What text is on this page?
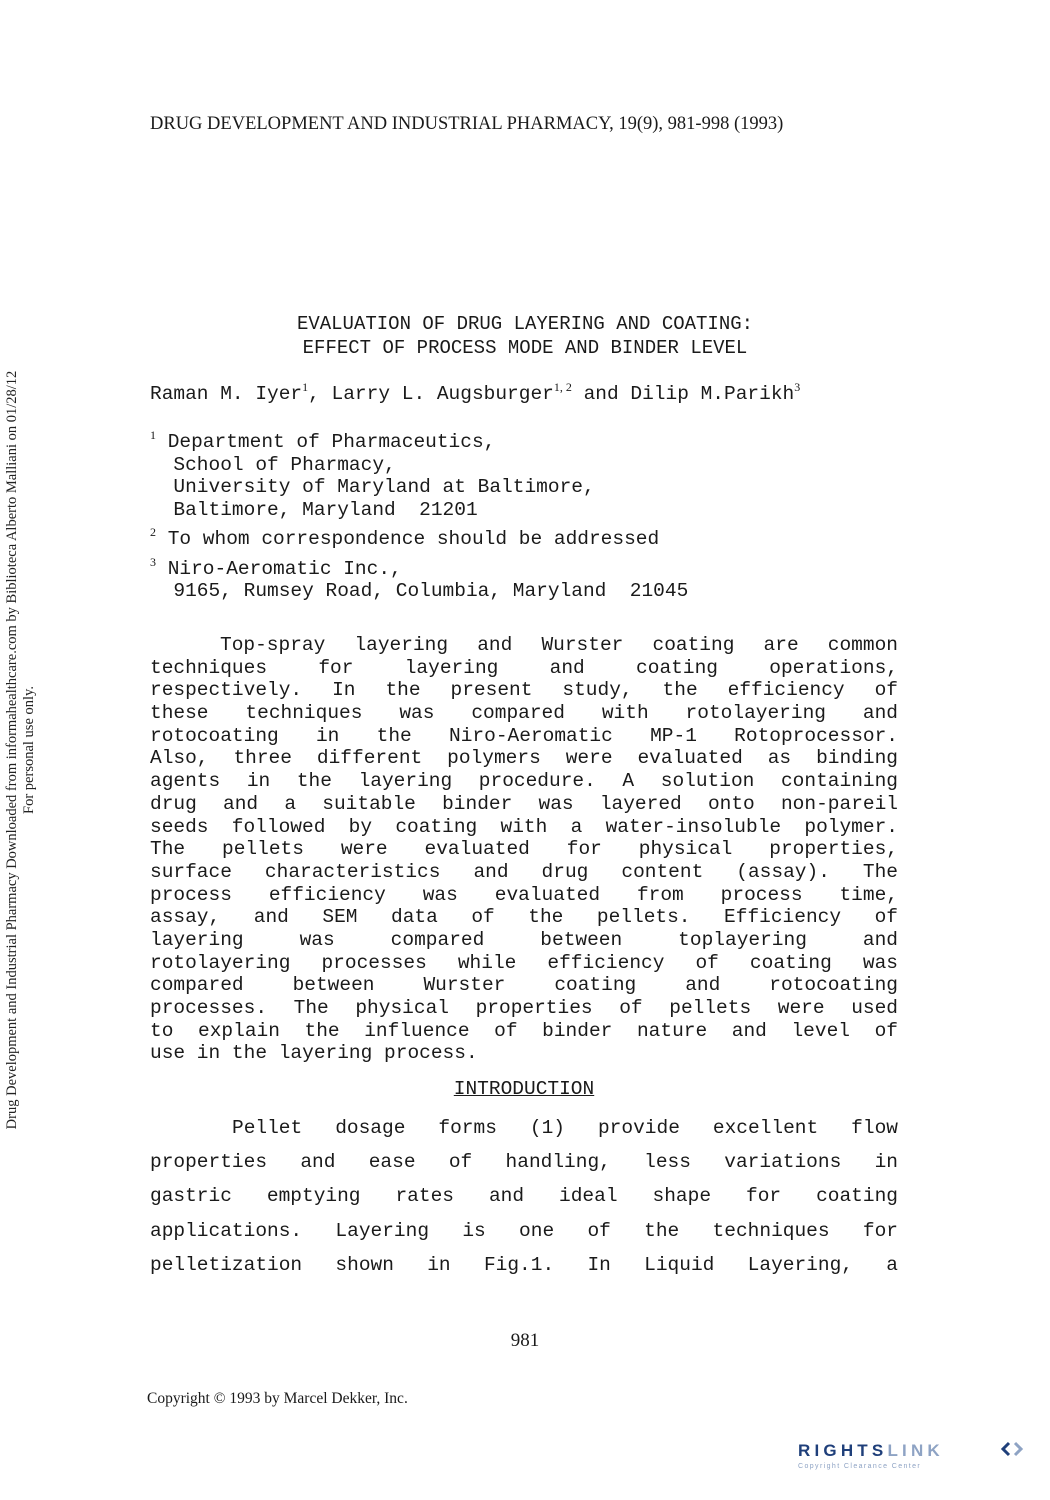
DRUG DEVELOPMENT AND INDUSTRIAL PHARMACY, 19(9), 981-998 (1993)
Drug Development and Industrial Pharmacy Downloaded from informahealthcare.com by Biblioteca Alberto Malliani on 01/28/12 For personal use only.
EVALUATION OF DRUG LAYERING AND COATING:
EFFECT OF PROCESS MODE AND BINDER LEVEL
Raman M. Iyer$^1$, Larry L. Augsburger$^{1, 2}$ and Dilip M.Parikh$^3$
$^1$ Department of Pharmaceutics,
School of Pharmacy,
University of Maryland at Baltimore,
Baltimore, Maryland  21201
$^2$ To whom correspondence should be addressed
$^3$ Niro-Aeromatic Inc.,
9165, Rumsey Road, Columbia, Maryland  21045
Top-spray layering and Wurster coating are common
techniques for layering and coating operations,
respectively. In the present study, the efficiency of
these techniques was compared with rotolayering and
rotocoating in the Niro-Aeromatic MP-1 Rotoprocessor.
Also, three different polymers were evaluated as binding
agents in the layering procedure. A solution containing
drug and a suitable binder was layered onto non-pareil
seeds followed by coating with a water-insoluble polymer.
The pellets were evaluated for physical properties,
surface characteristics and drug content (assay). The
process efficiency was evaluated from process time,
assay, and SEM data of the pellets. Efficiency of
layering was compared between toplayering and
rotolayering processes while efficiency of coating was
compared between Wurster coating and rotocoating
processes. The physical properties of pellets were used
to explain the influence of binder nature and level of
use in the layering process.
INTRODUCTION
Pellet dosage forms (1) provide excellent flow
properties and ease of handling, less variations in
gastric emptying rates and ideal shape for coating
applications. Layering is one of the techniques for
pelletization shown in Fig.1. In Liquid Layering, a
981
Copyright © 1993 by Marcel Dekker, Inc.
RIGHTSLINK
Copyright Clearance Center
